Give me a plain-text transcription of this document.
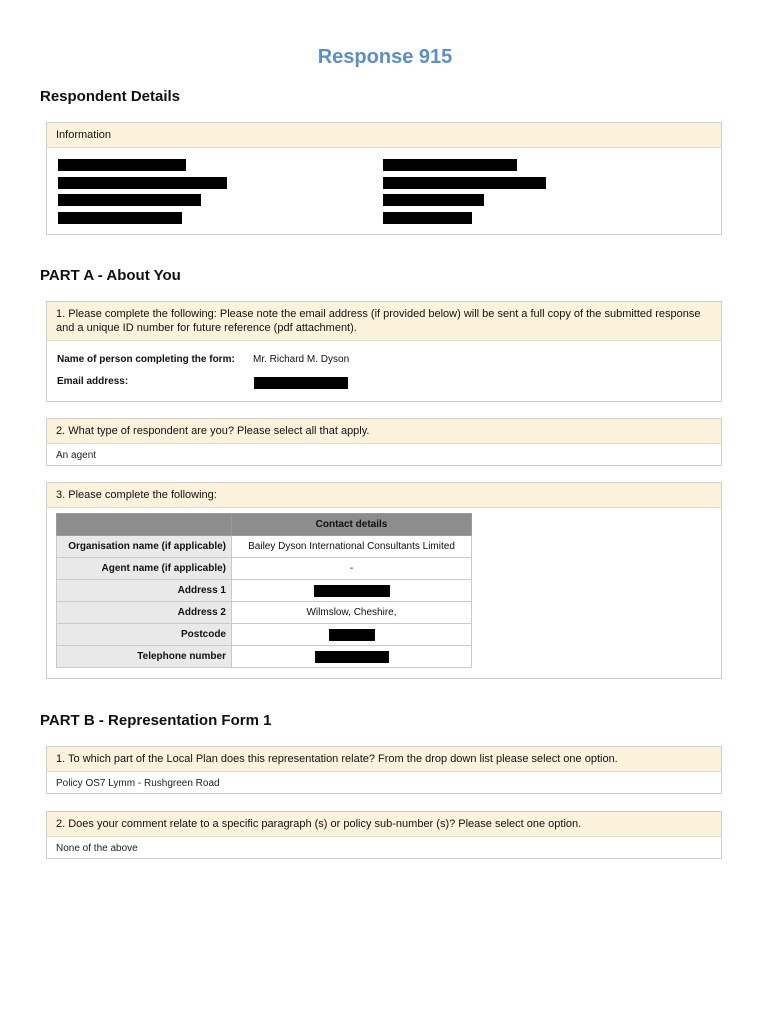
Response 915
Respondent Details
Information
PART A - About You
1. Please complete the following: Please note the email address (if provided below) will be sent a full copy of the submitted response and a unique ID number for future reference (pdf attachment).
Name of person completing the form: Mr. Richard M. Dyson
Email address:
2. What type of respondent are you? Please select all that apply.
An agent
3. Please complete the following:
	Contact details
Organisation name (if applicable)	Bailey Dyson International Consultants Limited
Agent name (if applicable)	-
Address 1	
Address 2	Wilmslow, Cheshire,
Postcode	
Telephone number	
PART B - Representation Form 1
1. To which part of the Local Plan does this representation relate? From the drop down list please select one option.
Policy OS7 Lymm - Rushgreen Road
2. Does your comment relate to a specific paragraph (s) or policy sub-number (s)? Please select one option.
None of the above
